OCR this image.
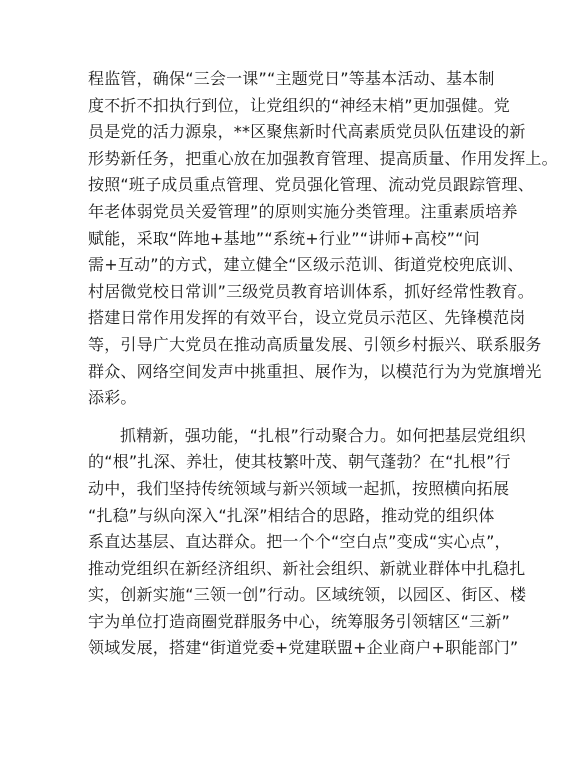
程监管，确保“三会一课”“主题党日”等基本活动、基本制
度不折不扣执行到位，让党组织的“神经末梢”更加强健。党
员是党的活力源泉，**区聚焦新时代高素质党员队伍建设的新
形势新任务，把重心放在加强教育管理、提高质量、作用发挥上。
按照“班子成员重点管理、党员强化管理、流动党员跟踪管理、
年老体弱党员关爱管理”的原则实施分类管理。注重素质培养
赋能，采取“阵地+基地”“系统+行业”“讲师+高校”“问
需+互动”的方式，建立健全“区级示范训、街道党校兜底训、
村居微党校日常训”三级党员教育培训体系，抓好经常性教育。
搭建日常作用发挥的有效平台，设立党员示范区、先锋模范岗
等，引导广大党员在推动高质量发展、引领乡村振兴、联系服务
群众、网络空间发声中挑重担、展作为，以模范行为为党旗增光
添彩。

抓精新，强功能，“扎根”行动聚合力。如何把基层党组织
的“根”扎深、养壮，使其枝繁叶茂、朝气蓬勃？在“扎根”行
动中，我们坚持传统领域与新兴领域一起抓，按照横向拓展
“扎稳”与纵向深入“扎深”相结合的思路，推动党的组织体
系直达基层、直达群众。把一个个“空白点”变成“实心点”，
推动党组织在新经济组织、新社会组织、新就业群体中扎稳扎
实，创新实施“三领一创”行动。区域统领，以园区、街区、楼
宇为单位打造商圈党群服务中心，统筹服务引领辖区“三新”
领域发展，搭建“街道党委+党建联盟+企业商户+职能部门”
